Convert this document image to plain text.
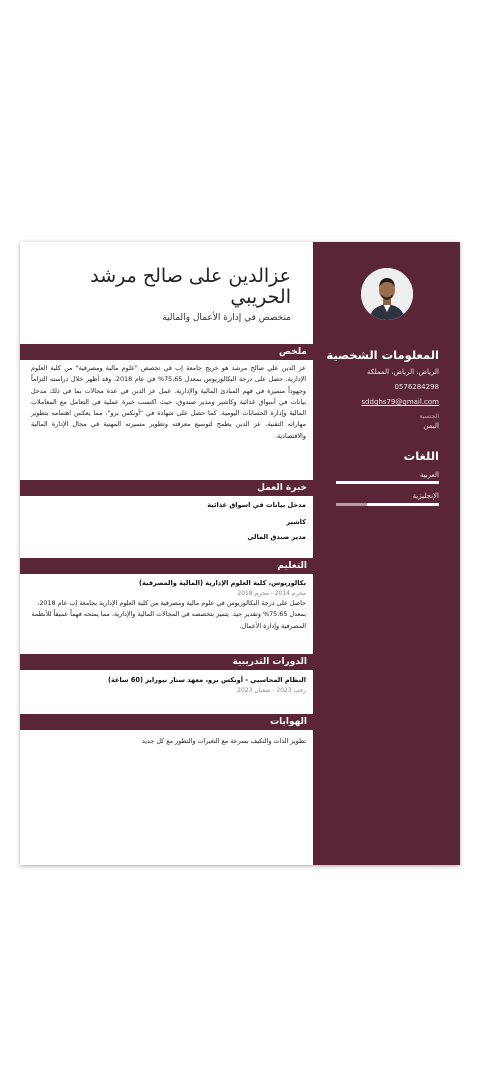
المعلومات الشخصية
الرياض، الرياض، المملكة
0576284298
sddghs79@gmail.com
الجنسية
اليمن
اللغات
العربية
الإنجليزية
عزالدين على صالح مرشد الحريبي
متخصص في إدارة الأعمال والمالية
ملخص
عز الدين علي صالح مرشد هو خريج جامعة إب في تخصص "علوم مالية ومصرفية" من كلية العلوم الإدارية، حصل على درجة البكالوريوس بمعدل 75.65% في عام 2018، وقد أظهر خلال دراسته التزاماً وجهوداً متميزة في فهم المبادئ المالية والإدارية. عمل عز الدين في عدة مجالات بما في ذلك مدخل بيانات في أسواق غذائية وكاشير ومدير صندوق، حيث اكتسب خبرة عملية في التعامل مع المعاملات المالية وإدارة الحسابات اليومية. كما حصل على شهادة في "أونكس برو"، مما يعكس اهتمامه بتطوير مهاراته التقنية. عز الدين يطمح لتوسيع معرفته وتطوير مسيرته المهنية في مجال الإدارة المالية والاقتصادية.
خبرة العمل
مدخل بيانات في اسواق غذائية
كاشير
مدير صندق المالي
التعليم
بكالوريوس، كلية العلوم الإدارية (المالية والمصرفية)
محرم 2014 - محرم 2018
حاصل على درجة البكالوريوس في علوم مالية ومصرفية من كلية العلوم الإدارية بجامعة إب عام 2018، بمعدل 75.65% وتقدير جيد. يتميز بتخصصه في المجالات المالية والإدارية، مما يمنحه فهماً عميقاً للأنظمة المصرفية وإدارة الأعمال.
الدورات التدريبية
النظام المحاسبي - أونكس برو، معهد ستار نيورايز (60 ساعة)
رجب 2023 - شعبان 2023
الهوايات
تطوير الذات والتكيف بسرعة مع التغيرات والتطور مع كل جديد
